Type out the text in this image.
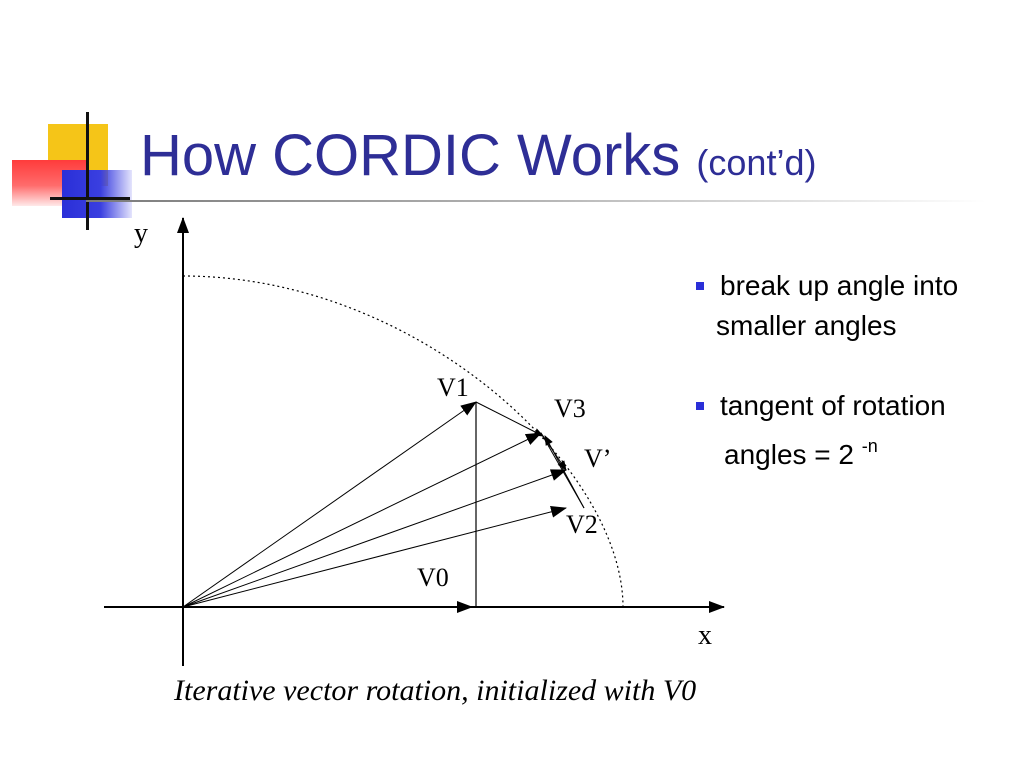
How CORDIC Works (cont’d)
x
y
V1
V3
V’
V2
V0
break up angle into
smaller angles
tangent of rotation
angles = 2 $^{-n}$

Iterative vector rotation, initialized with V0
